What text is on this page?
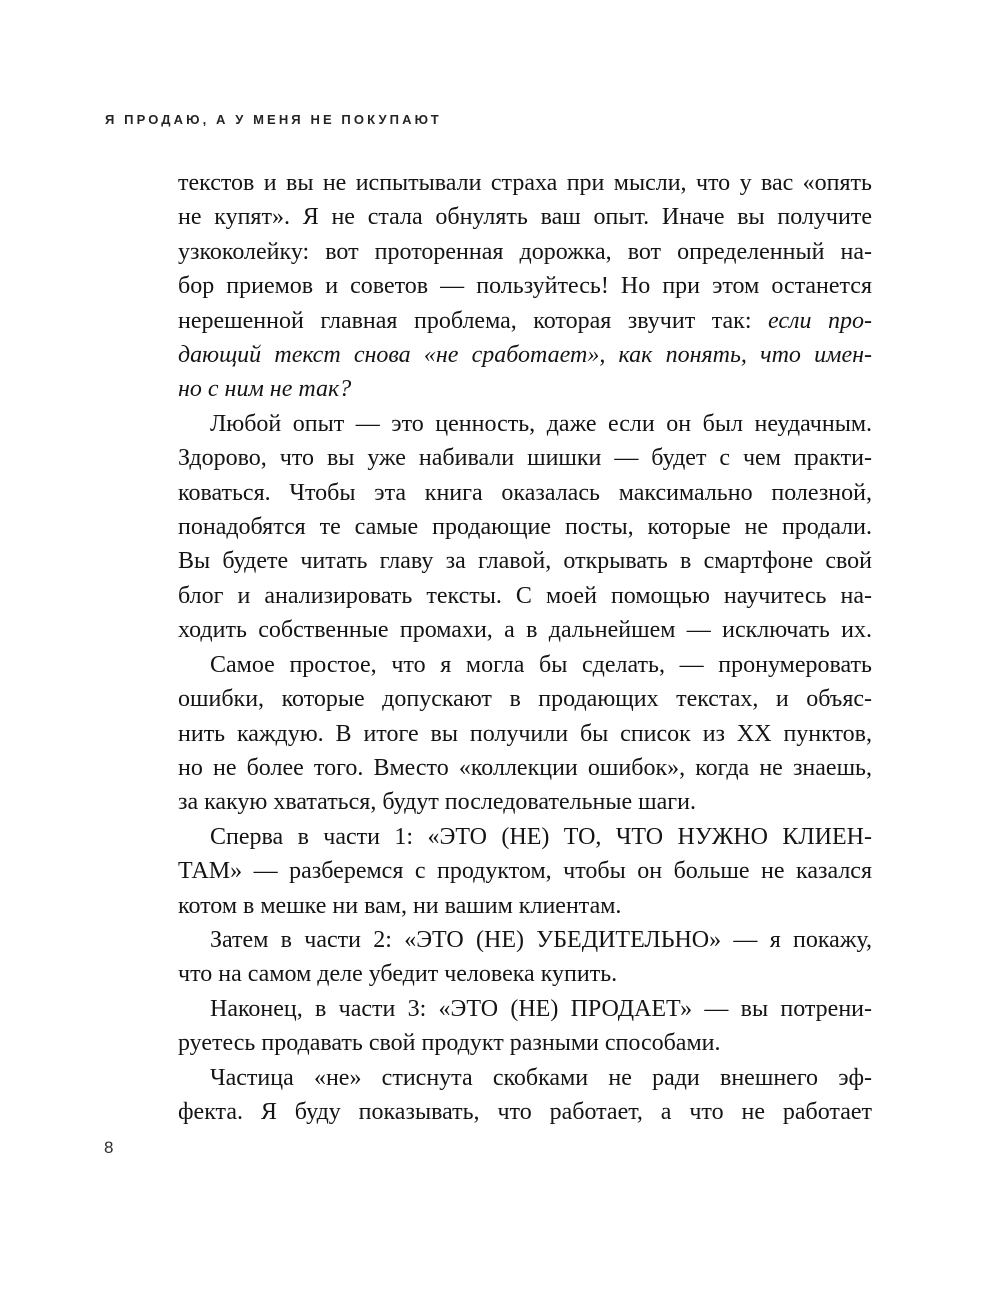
Я ПРОДАЮ, А У МЕНЯ НЕ ПОКУПАЮТ
текстов и вы не испытывали страха при мысли, что у вас «опять
не купят». Я не стала обнулять ваш опыт. Иначе вы получите
узкоколейку: вот проторенная дорожка, вот определенный на-
бор приемов и советов — пользуйтесь! Но при этом останется
нерешенной главная проблема, которая звучит так: если про-
дающий текст снова «не сработает», как понять, что имен-
но с ним не так?
Любой опыт — это ценность, даже если он был неудачным.
Здорово, что вы уже набивали шишки — будет с чем практи-
коваться. Чтобы эта книга оказалась максимально полезной,
понадобятся те самые продающие посты, которые не продали.
Вы будете читать главу за главой, открывать в смартфоне свой
блог и анализировать тексты. С моей помощью научитесь на-
ходить собственные промахи, а в дальнейшем — исключать их.
Самое простое, что я могла бы сделать, — пронумеровать
ошибки, которые допускают в продающих текстах, и объяс-
нить каждую. В итоге вы получили бы список из XX пунктов,
но не более того. Вместо «коллекции ошибок», когда не знаешь,
за какую хвататься, будут последовательные шаги.
Сперва в части 1: «ЭТО (НЕ) ТО, ЧТО НУЖНО КЛИЕН-
ТАМ» — разберемся с продуктом, чтобы он больше не казался
котом в мешке ни вам, ни вашим клиентам.
Затем в части 2: «ЭТО (НЕ) УБЕДИТЕЛЬНО» — я покажу,
что на самом деле убедит человека купить.
Наконец, в части 3: «ЭТО (НЕ) ПРОДАЕТ» — вы потрени-
руетесь продавать свой продукт разными способами.
Частица «не» стиснута скобками не ради внешнего эф-
фекта. Я буду показывать, что работает, а что не работает
8
